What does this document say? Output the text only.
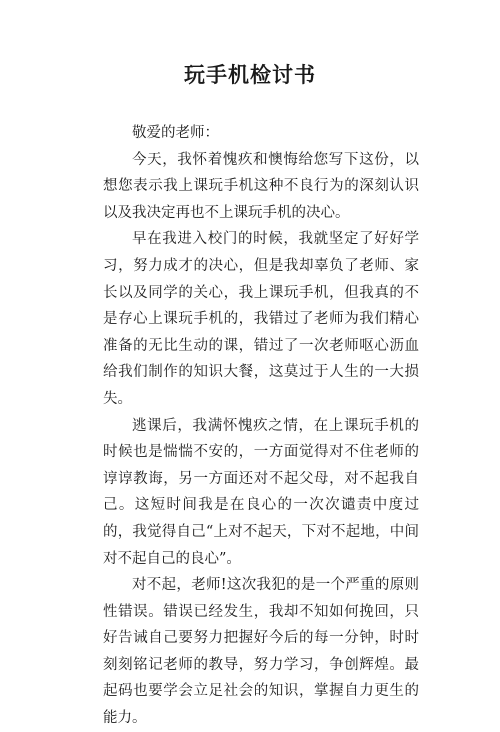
玩手机检讨书

敬爱的老师：

今天，我怀着愧疚和懊悔给您写下这份，以想您表示我上课玩手机这种不良行为的深刻认识以及我决定再也不上课玩手机的决心。

早在我进入校门的时候，我就坚定了好好学习，努力成才的决心，但是我却辜负了老师、家长以及同学的关心，我上课玩手机，但我真的不是存心上课玩手机的，我错过了老师为我们精心准备的无比生动的课，错过了一次老师呕心沥血给我们制作的知识大餐，这莫过于人生的一大损失。

逃课后，我满怀愧疚之情，在上课玩手机的时候也是惴惴不安的，一方面觉得对不住老师的谆谆教诲，另一方面还对不起父母，对不起我自己。这短时间我是在良心的一次次谴责中度过的，我觉得自己“上对不起天，下对不起地，中间对不起自己的良心”。

对不起，老师!这次我犯的是一个严重的原则性错误。错误已经发生，我却不知如何挽回，只好告诫自己要努力把握好今后的每一分钟，时时刻刻铭记老师的教导，努力学习，争创辉煌。最起码也要学会立足社会的知识，掌握自力更生的能力。
